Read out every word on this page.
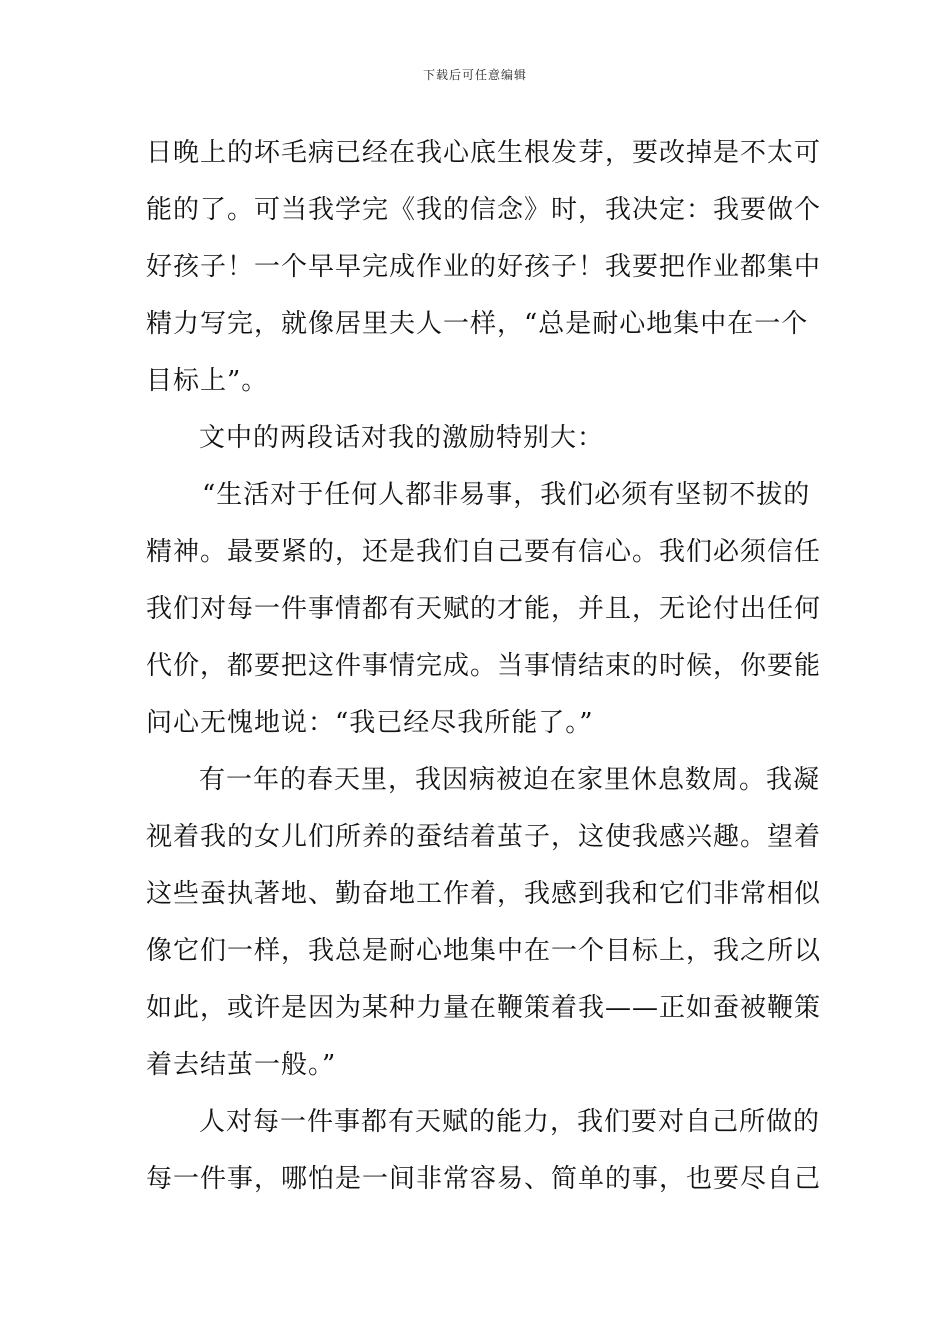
下载后可任意编辑
日晚上的坏毛病已经在我心底生根发芽，要改掉是不太可
能的了。可当我学完《我的信念》时，我决定：我要做个
好孩子！一个早早完成作业的好孩子！我要把作业都集中
精力写完，就像居里夫人一样，“总是耐心地集中在一个
目标上”。
文中的两段话对我的激励特别大：
“生活对于任何人都非易事，我们必须有坚韧不拔的
精神。最要紧的，还是我们自己要有信心。我们必须信任
我们对每一件事情都有天赋的才能，并且，无论付出任何
代价，都要把这件事情完成。当事情结束的时候，你要能
问心无愧地说：“我已经尽我所能了。”
有一年的春天里，我因病被迫在家里休息数周。我凝
视着我的女儿们所养的蚕结着茧子，这使我感兴趣。望着
这些蚕执著地、勤奋地工作着，我感到我和它们非常相似
像它们一样，我总是耐心地集中在一个目标上，我之所以
如此，或许是因为某种力量在鞭策着我——正如蚕被鞭策
着去结茧一般。”
人对每一件事都有天赋的能力，我们要对自己所做的
每一件事，哪怕是一间非常容易、简单的事，也要尽自己
